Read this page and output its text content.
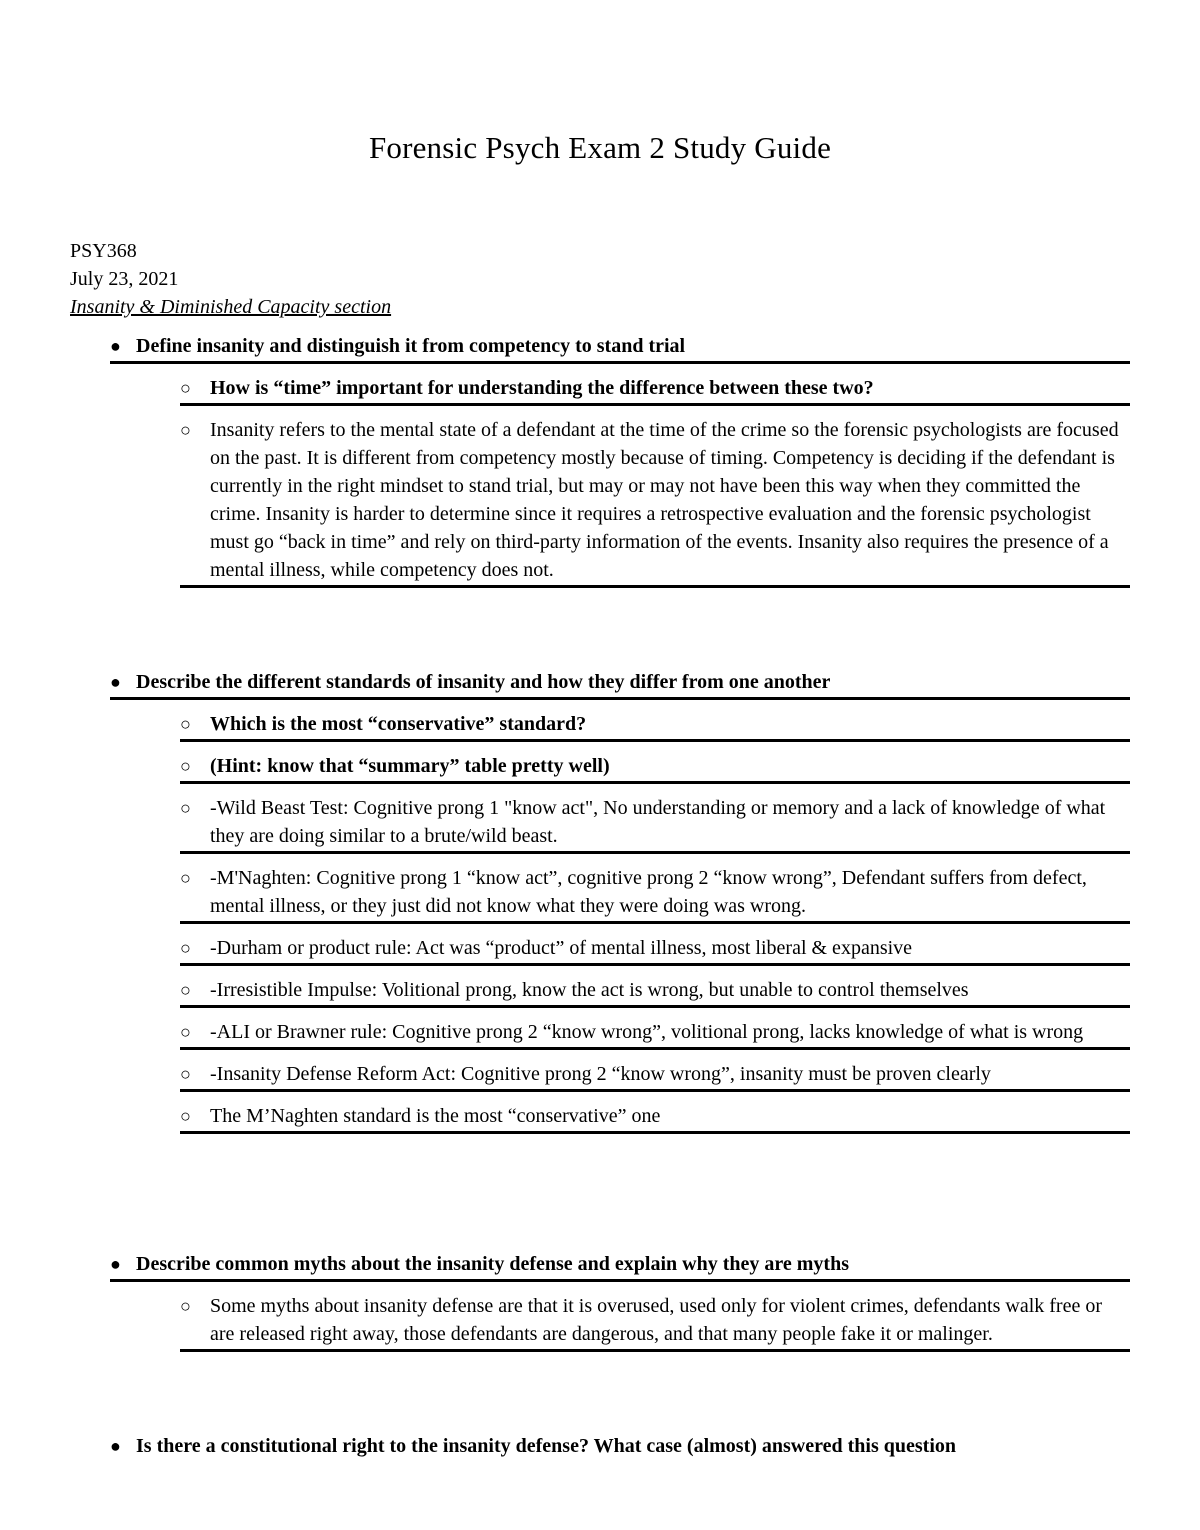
Forensic Psych Exam 2 Study Guide
PSY368
July 23, 2021
Insanity & Diminished Capacity section
● Define insanity and distinguish it from competency to stand trial
○ How is “time” important for understanding the difference between these two?
○ Insanity refers to the mental state of a defendant at the time of the crime so the forensic psychologists are focused on the past. It is different from competency mostly because of timing. Competency is deciding if the defendant is currently in the right mindset to stand trial, but may or may not have been this way when they committed the crime. Insanity is harder to determine since it requires a retrospective evaluation and the forensic psychologist must go “back in time” and rely on third-party information of the events. Insanity also requires the presence of a mental illness, while competency does not.
● Describe the different standards of insanity and how they differ from one another
○ Which is the most “conservative” standard?
○ (Hint: know that “summary” table pretty well)
○ -Wild Beast Test: Cognitive prong 1 "know act", No understanding or memory and a lack of knowledge of what they are doing similar to a brute/wild beast.
○ -M'Naghten: Cognitive prong 1 “know act”, cognitive prong 2 “know wrong”, Defendant suffers from defect, mental illness, or they just did not know what they were doing was wrong.
○ -Durham or product rule: Act was “product” of mental illness, most liberal & expansive
○ -Irresistible Impulse: Volitional prong, know the act is wrong, but unable to control themselves
○ -ALI or Brawner rule: Cognitive prong 2 “know wrong”, volitional prong, lacks knowledge of what is wrong
○ -Insanity Defense Reform Act: Cognitive prong 2 “know wrong”, insanity must be proven clearly
○ The M’Naghten standard is the most “conservative” one
● Describe common myths about the insanity defense and explain why they are myths
○ Some myths about insanity defense are that it is overused, used only for violent crimes, defendants walk free or are released right away, those defendants are dangerous, and that many people fake it or malinger.
● Is there a constitutional right to the insanity defense? What case (almost) answered this question
